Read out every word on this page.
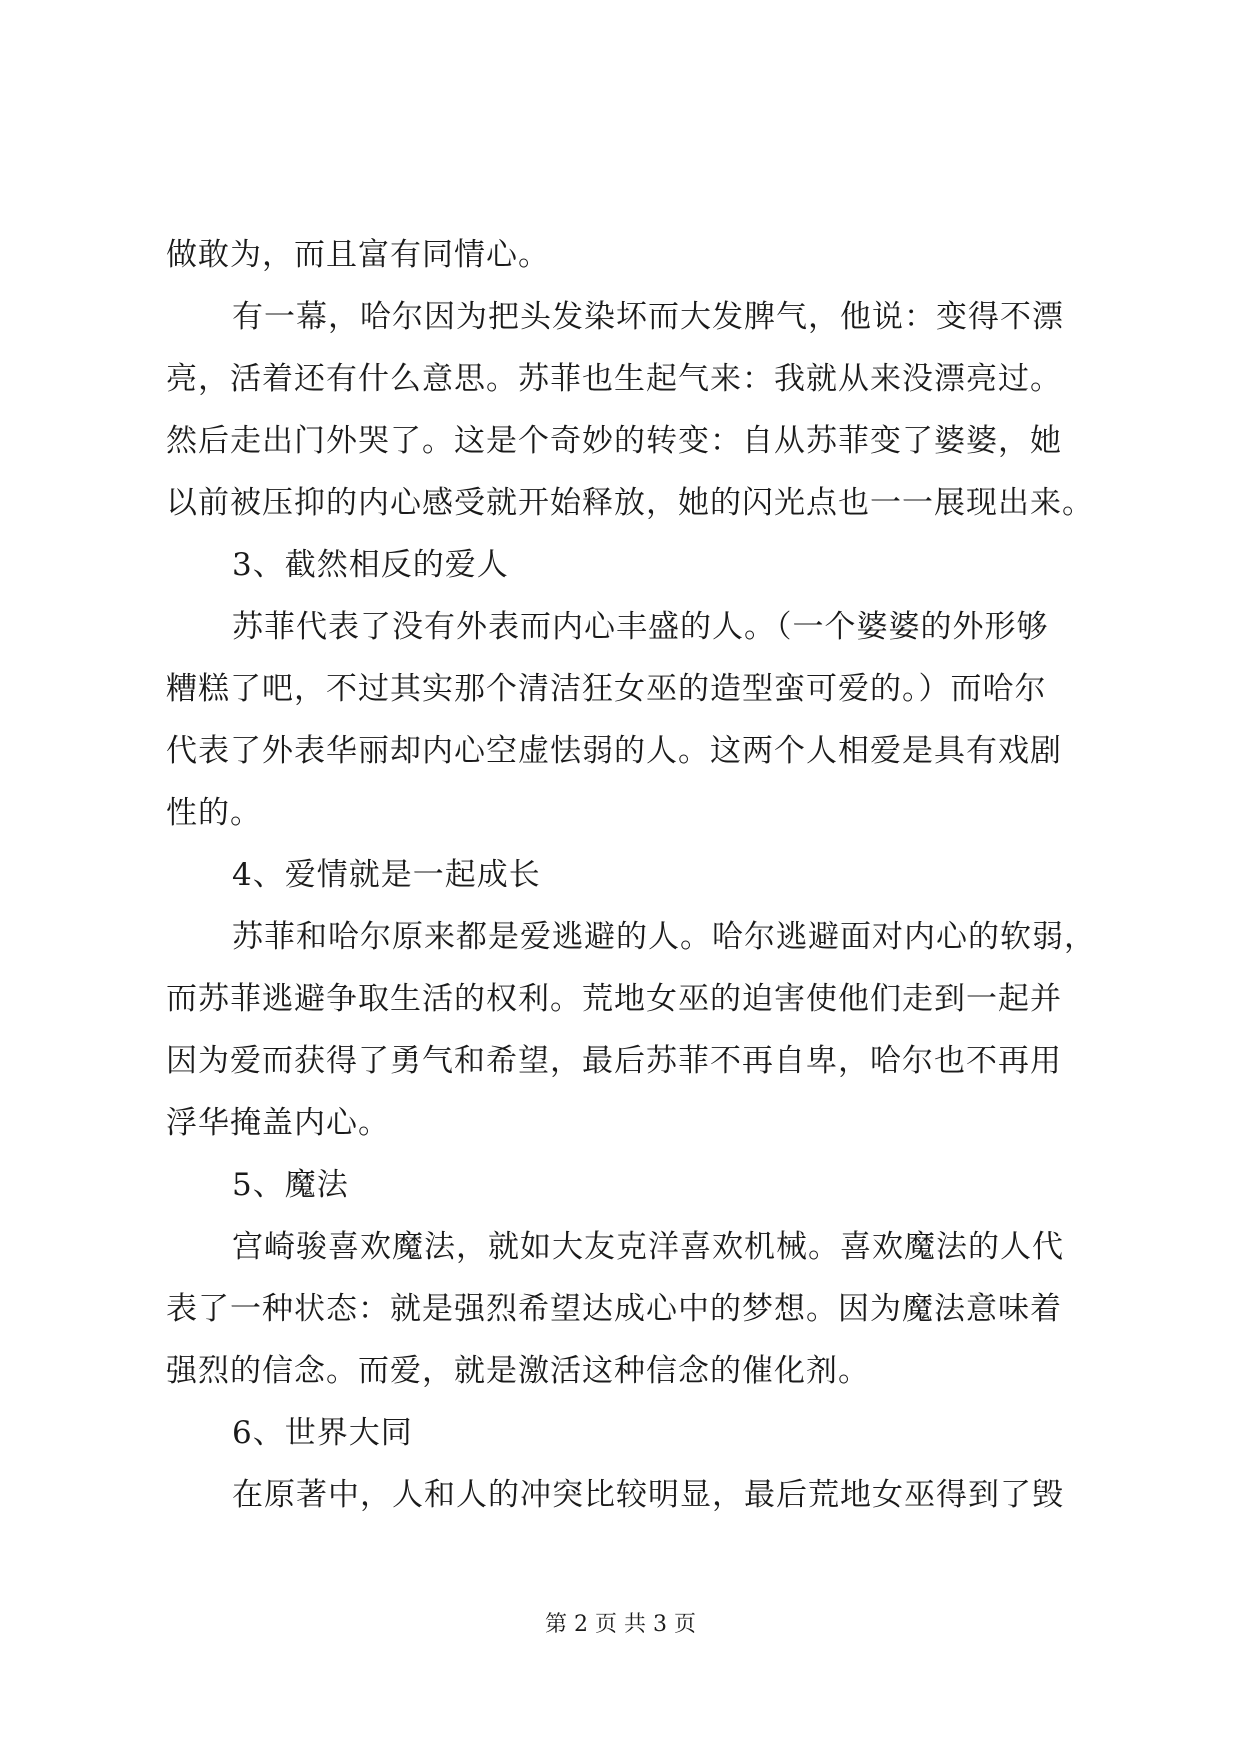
做敢为，而且富有同情心。
有一幕，哈尔因为把头发染坏而大发脾气，他说：变得不漂
亮，活着还有什么意思。苏菲也生起气来：我就从来没漂亮过。
然后走出门外哭了。这是个奇妙的转变：自从苏菲变了婆婆，她
以前被压抑的内心感受就开始释放，她的闪光点也一一展现出来。
3、截然相反的爱人
苏菲代表了没有外表而内心丰盛的人。（一个婆婆的外形够
糟糕了吧，不过其实那个清洁狂女巫的造型蛮可爱的。）而哈尔
代表了外表华丽却内心空虚怯弱的人。这两个人相爱是具有戏剧
性的。
4、爱情就是一起成长
苏菲和哈尔原来都是爱逃避的人。哈尔逃避面对内心的软弱，
而苏菲逃避争取生活的权利。荒地女巫的迫害使他们走到一起并
因为爱而获得了勇气和希望，最后苏菲不再自卑，哈尔也不再用
浮华掩盖内心。
5、魔法
宫崎骏喜欢魔法，就如大友克洋喜欢机械。喜欢魔法的人代
表了一种状态：就是强烈希望达成心中的梦想。因为魔法意味着
强烈的信念。而爱，就是激活这种信念的催化剂。
6、世界大同
在原著中，人和人的冲突比较明显，最后荒地女巫得到了毁
第 2 页 共 3 页
